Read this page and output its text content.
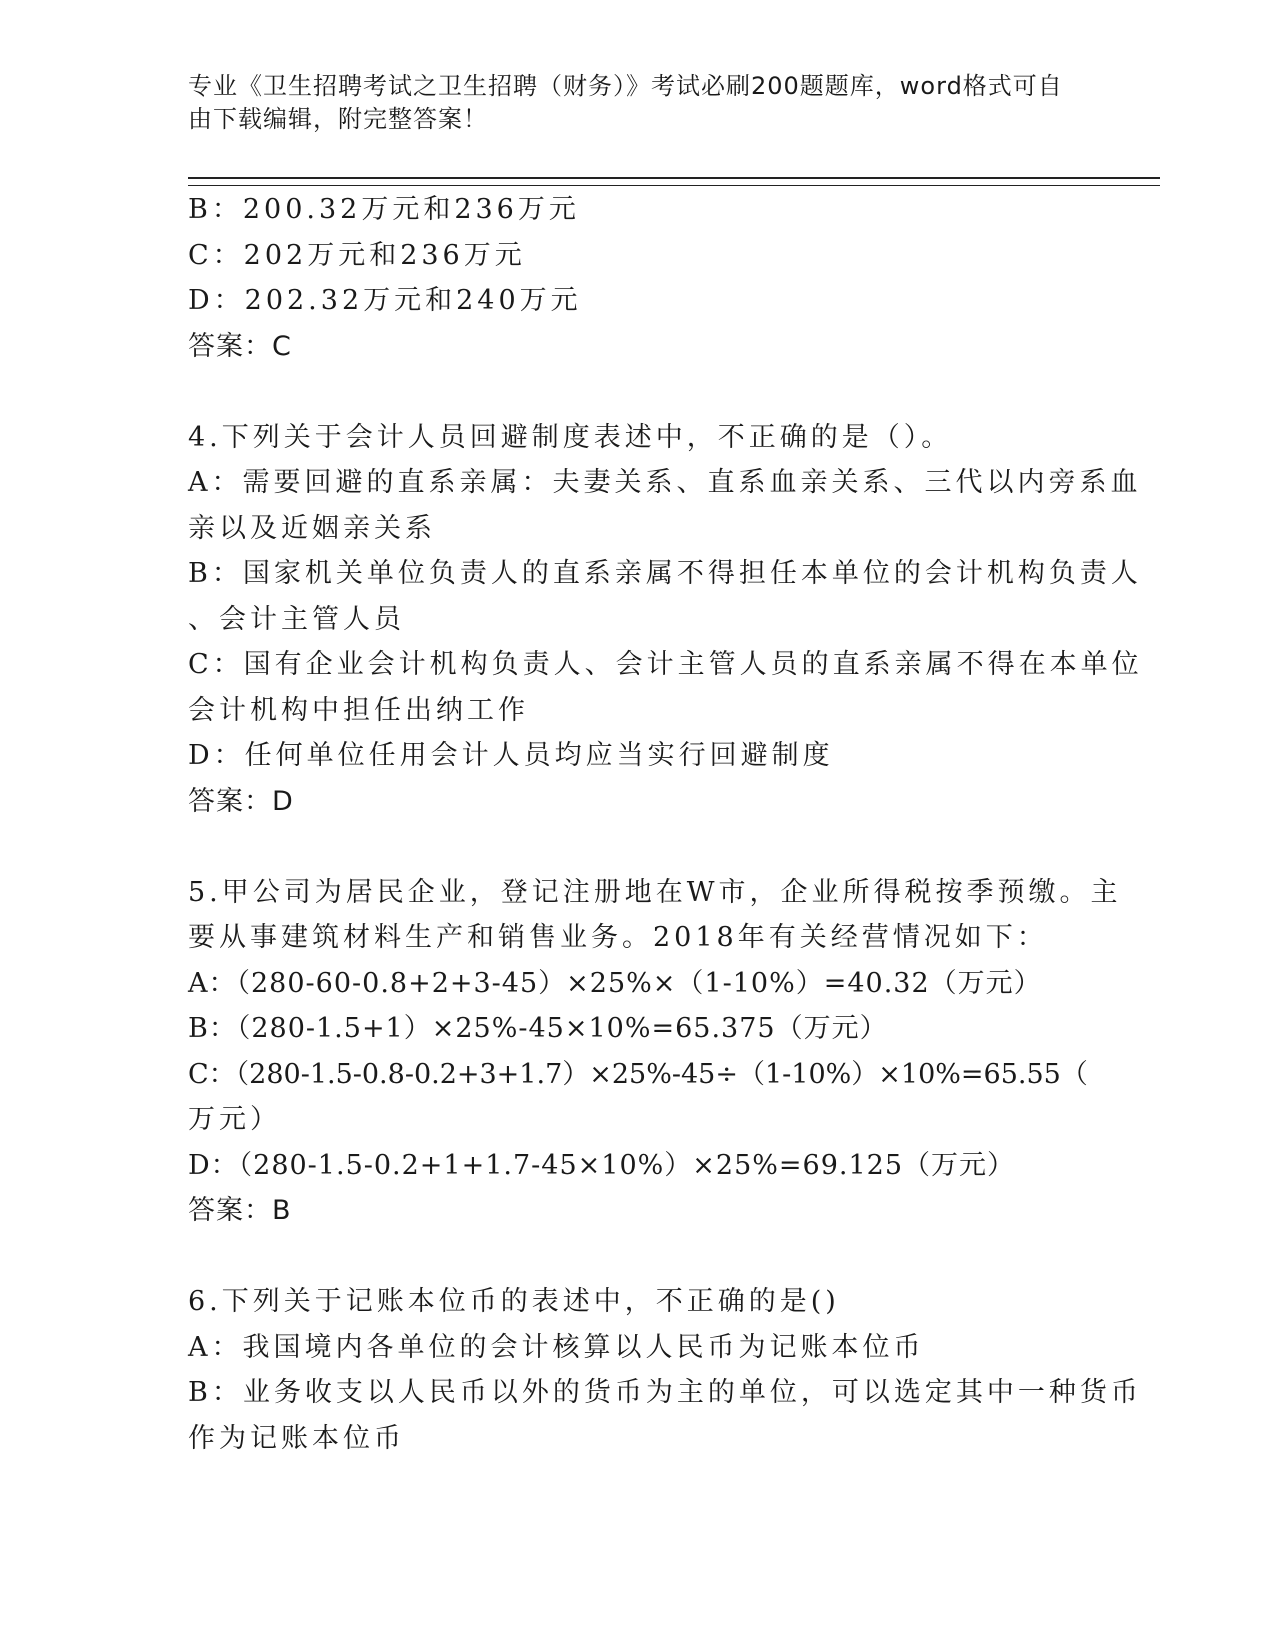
专业《卫生招聘考试之卫生招聘（财务）》考试必刷200题题库，word格式可自
由下载编辑，附完整答案！
B：200.32万元和236万元
C：202万元和236万元
D：202.32万元和240万元
答案：C
4.下列关于会计人员回避制度表述中，不正确的是（）。
A：需要回避的直系亲属：夫妻关系、直系血亲关系、三代以内旁系血
亲以及近姻亲关系
B：国家机关单位负责人的直系亲属不得担任本单位的会计机构负责人
、会计主管人员
C：国有企业会计机构负责人、会计主管人员的直系亲属不得在本单位
会计机构中担任出纳工作
D：任何单位任用会计人员均应当实行回避制度
答案：D
5.甲公司为居民企业，登记注册地在W市，企业所得税按季预缴。主
要从事建筑材料生产和销售业务。2018年有关经营情况如下：
A：（280-60-0.8+2+3-45）×25%×（1-10%）=40.32（万元）
B：（280-1.5+1）×25%-45×10%=65.375（万元）
C：（280-1.5-0.8-0.2+3+1.7）×25%-45÷（1-10%）×10%=65.55（
万元）
D：（280-1.5-0.2+1+1.7-45×10%）×25%=69.125（万元）
答案：B
6.下列关于记账本位币的表述中，不正确的是()
A：我国境内各单位的会计核算以人民币为记账本位币
B：业务收支以人民币以外的货币为主的单位，可以选定其中一种货币
作为记账本位币
